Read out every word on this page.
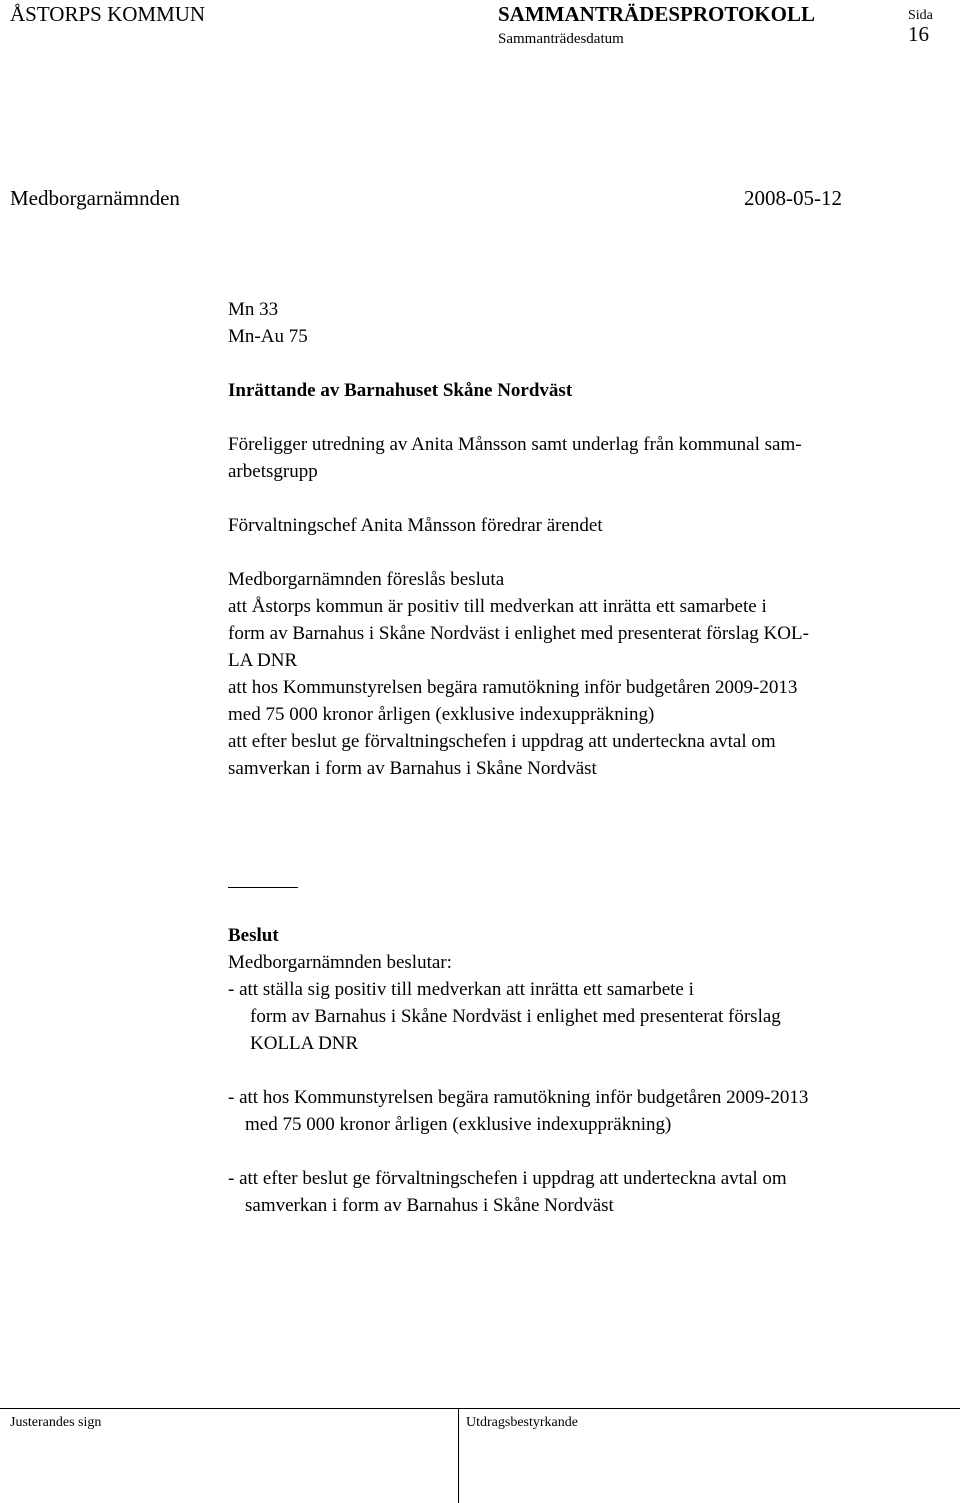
ÅSTORPS KOMMUN	SAMMANTRÄDESPROTOKOLL
Sammanträdesdatum
Sida
16
Medborgarnämnden	2008-05-12
Mn 33
Mn-Au 75
Inrättande av Barnahuset Skåne Nordväst
Föreligger utredning av Anita Månsson samt underlag från kommunal sam-
arbetsgrupp
Förvaltningschef Anita Månsson föredrar ärendet
Medborgarnämnden föreslås besluta
att Åstorps kommun är positiv till medverkan att inrätta ett samarbete i
form av Barnahus i Skåne Nordväst i enlighet med presenterat förslag KOL-
LA DNR
att hos Kommunstyrelsen begära ramutökning inför budgetåren 2009-2013
med 75 000 kronor årligen (exklusive indexuppräkning)
att efter beslut ge förvaltningschefen i uppdrag att underteckna avtal om
samverkan i form av Barnahus i Skåne Nordväst
Beslut
Medborgarnämnden beslutar:
- att ställa sig positiv till medverkan att inrätta ett samarbete i
form av Barnahus i Skåne Nordväst i enlighet med presenterat förslag
KOLLA DNR
- att hos Kommunstyrelsen begära ramutökning inför budgetåren 2009-2013
med 75 000 kronor årligen (exklusive indexuppräkning)
- att efter beslut ge förvaltningschefen i uppdrag att underteckna avtal om
samverkan i form av Barnahus i Skåne Nordväst
Justerandes sign	Utdragsbestyrkande
